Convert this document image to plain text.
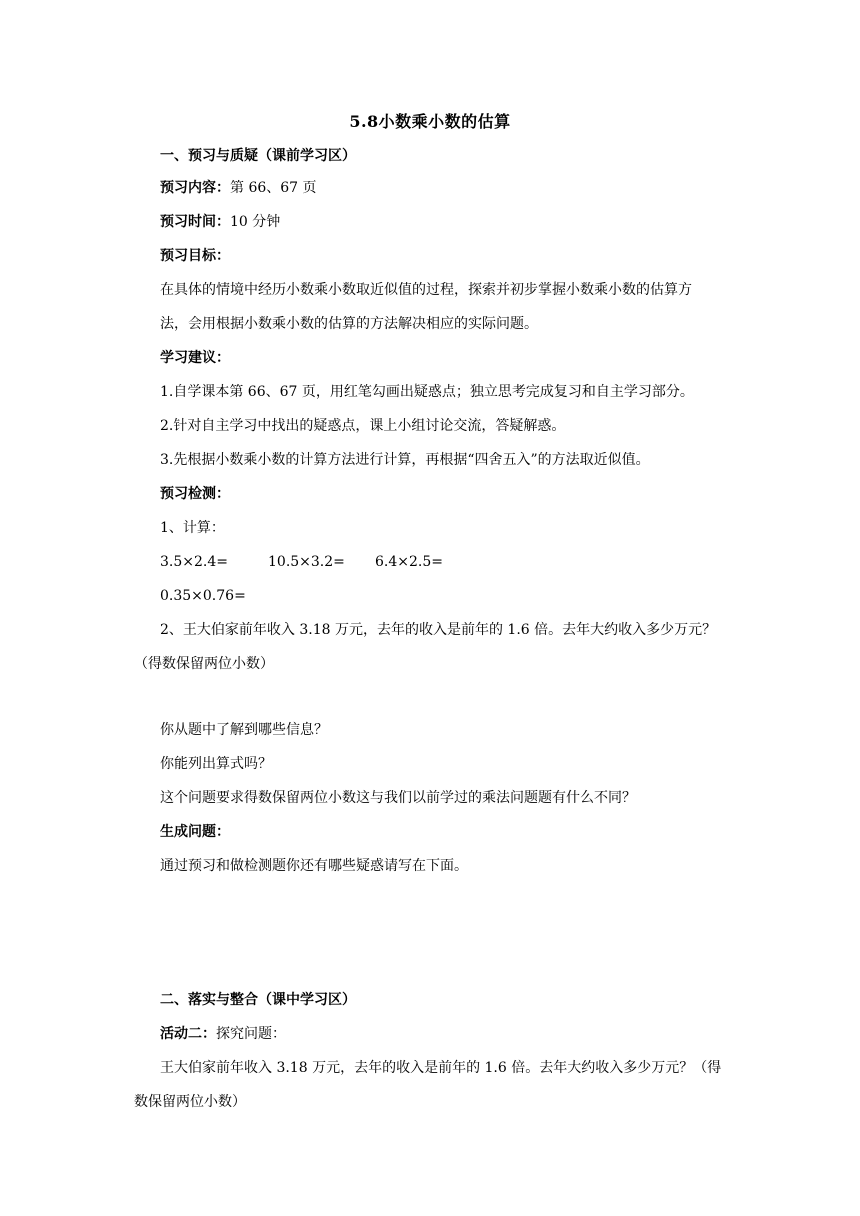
5.8小数乘小数的估算
一、预习与质疑（课前学习区）
预习内容：第 66、67 页
预习时间：10 分钟
预习目标：
在具体的情境中经历小数乘小数取近似值的过程，探索并初步掌握小数乘小数的估算方
法，会用根据小数乘小数的估算的方法解决相应的实际问题。
学习建议：
1.自学课本第 66、67 页，用红笔勾画出疑惑点；独立思考完成复习和自主学习部分。
2.针对自主学习中找出的疑惑点，课上小组讨论交流，答疑解惑。
3.先根据小数乘小数的计算方法进行计算，再根据“四舍五入”的方法取近似值。
预习检测：
1、计算：
3.5×2.4=	10.5×3.2= 6.4×2.5=
0.35×0.76=
2、王大伯家前年收入 3.18 万元，去年的收入是前年的 1.6 倍。去年大约收入多少万元？
（得数保留两位小数）
你从题中了解到哪些信息？
你能列出算式吗？
这个问题要求得数保留两位小数这与我们以前学过的乘法问题题有什么不同？
生成问题：
通过预习和做检测题你还有哪些疑惑请写在下面。
二、落实与整合（课中学习区）
活动二：探究问题：
王大伯家前年收入 3.18 万元，去年的收入是前年的 1.6 倍。去年大约收入多少万元？（得
数保留两位小数）
